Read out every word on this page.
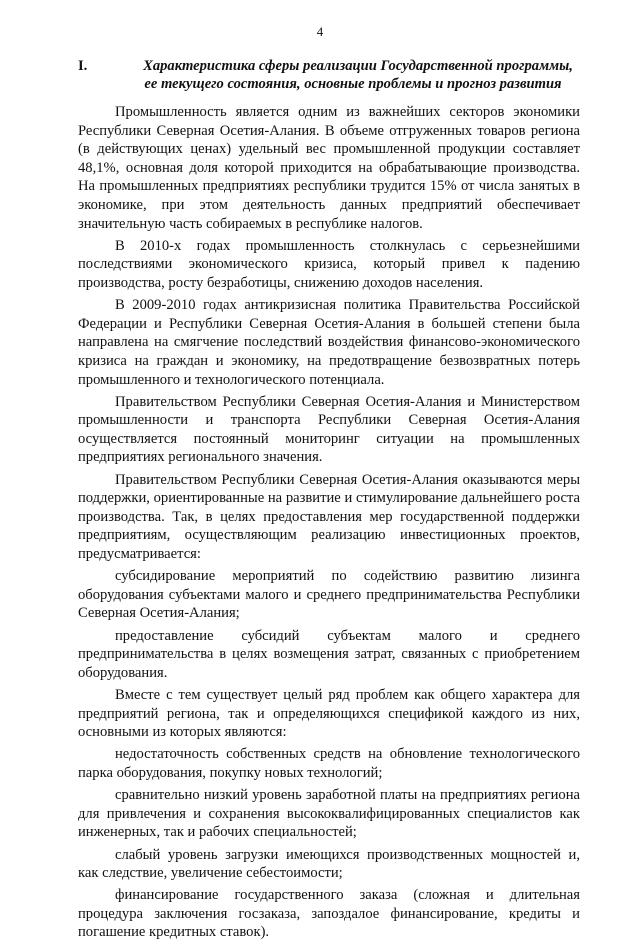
4
I.	Характеристика сферы реализации Государственной программы,
ее текущего состояния, основные проблемы и прогноз развития

Промышленность является одним из важнейших секторов экономики Республики Северная Осетия-Алания. В объеме отгруженных товаров региона (в действующих ценах) удельный вес промышленной продукции составляет 48,1%, основная доля которой приходится на обрабатывающие производства. На промышленных предприятиях республики трудится 15% от числа занятых в экономике, при этом деятельность данных предприятий обеспечивает значительную часть собираемых в республике налогов.

В 2010-х годах промышленность столкнулась с серьезнейшими последствиями экономического кризиса, который привел к падению производства, росту безработицы, снижению доходов населения.

В 2009-2010 годах антикризисная политика Правительства Российской Федерации и Республики Северная Осетия-Алания в большей степени была направлена на смягчение последствий воздействия финансово-экономического кризиса на граждан и экономику, на предотвращение безвозвратных потерь промышленного и технологического потенциала.

Правительством Республики Северная Осетия-Алания и Министерством промышленности и транспорта Республики Северная Осетия-Алания осуществляется постоянный мониторинг ситуации на промышленных предприятиях регионального значения.

Правительством Республики Северная Осетия-Алания оказываются меры поддержки, ориентированные на развитие и стимулирование дальнейшего роста производства. Так, в целях предоставления мер государственной поддержки предприятиям, осуществляющим реализацию инвестиционных проектов, предусматривается:

субсидирование мероприятий по содействию развитию лизинга оборудования субъектами малого и среднего предпринимательства Республики Северная Осетия-Алания;

предоставление субсидий субъектам малого и среднего предпринимательства в целях возмещения затрат, связанных с приобретением оборудования.

Вместе с тем существует целый ряд проблем как общего характера для предприятий региона, так и определяющихся спецификой каждого из них, основными из которых являются:

недостаточность собственных средств на обновление технологического парка оборудования, покупку новых технологий;

сравнительно низкий уровень заработной платы на предприятиях региона для привлечения и сохранения высококвалифицированных специалистов как инженерных, так и рабочих специальностей;

слабый уровень загрузки имеющихся производственных мощностей и, как следствие, увеличение себестоимости;

финансирование государственного заказа (сложная и длительная процедура заключения госзаказа, запоздалое финансирование, кредиты и погашение кредитных ставок).
